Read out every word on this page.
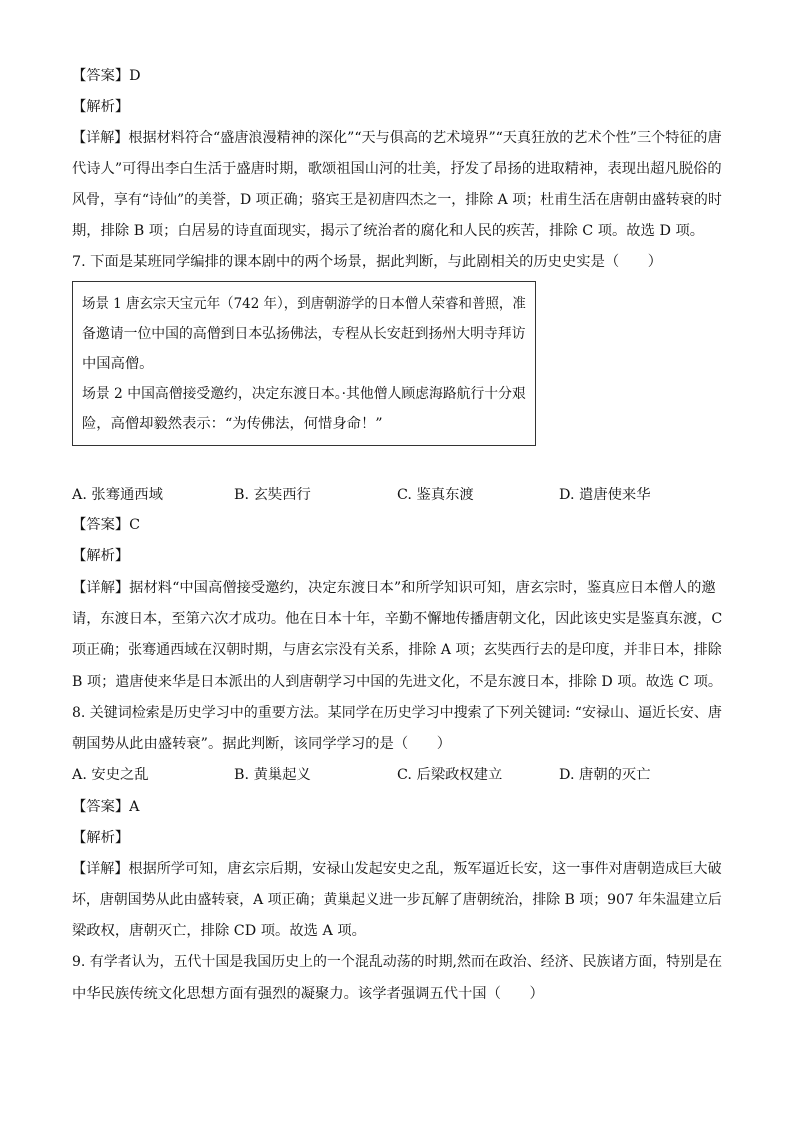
【答案】D
【解析】
【详解】根据材料符合“盛唐浪漫精神的深化”“天与俱高的艺术境界”“天真狂放的艺术个性”三个特征的唐
代诗人”可得出李白生活于盛唐时期，歌颂祖国山河的壮美，抒发了昂扬的进取精神，表现出超凡脱俗的
风骨，享有“诗仙”的美誉，D 项正确；骆宾王是初唐四杰之一，排除 A 项；杜甫生活在唐朝由盛转衰的时
期，排除 B 项；白居易的诗直面现实，揭示了统治者的腐化和人民的疾苦，排除 C 项。故选 D 项。
7. 下面是某班同学编排的课本剧中的两个场景，据此判断，与此剧相关的历史史实是（　　）
场景 1 唐玄宗天宝元年（742 年），到唐朝游学的日本僧人荣睿和普照，准
备邀请一位中国的高僧到日本弘扬佛法，专程从长安赶到扬州大明寺拜访
中国高僧。
场景 2 中国高僧接受邀约，决定东渡日本。·其他僧人顾虑海路航行十分艰
险，高僧却毅然表示：“为传佛法，何惜身命！”
A. 张骞通西域	B. 玄奘西行	C. 鉴真东渡	D. 遣唐使来华
【答案】C
【解析】
【详解】据材料“中国高僧接受邀约，决定东渡日本”和所学知识可知，唐玄宗时，鉴真应日本僧人的邀
请，东渡日本，至第六次才成功。他在日本十年，辛勤不懈地传播唐朝文化，因此该史实是鉴真东渡，C
项正确；张骞通西域在汉朝时期，与唐玄宗没有关系，排除 A 项；玄奘西行去的是印度，并非日本，排除
B 项；遣唐使来华是日本派出的人到唐朝学习中国的先进文化，不是东渡日本，排除 D 项。故选 C 项。
8. 关键词检索是历史学习中的重要方法。某同学在历史学习中搜索了下列关键词: “安禄山、逼近长安、唐
朝国势从此由盛转衰”。据此判断，该同学学习的是（　　）
A. 安史之乱	B. 黄巢起义	C. 后梁政权建立	D. 唐朝的灭亡
【答案】A
【解析】
【详解】根据所学可知，唐玄宗后期，安禄山发起安史之乱，叛军逼近长安，这一事件对唐朝造成巨大破
坏，唐朝国势从此由盛转衰，A 项正确；黄巢起义进一步瓦解了唐朝统治，排除 B 项；907 年朱温建立后
梁政权，唐朝灭亡，排除 CD 项。故选 A 项。
9. 有学者认为，五代十国是我国历史上的一个混乱动荡的时期,然而在政治、经济、民族诸方面，特别是在
中华民族传统文化思想方面有强烈的凝聚力。该学者强调五代十国（　　）
